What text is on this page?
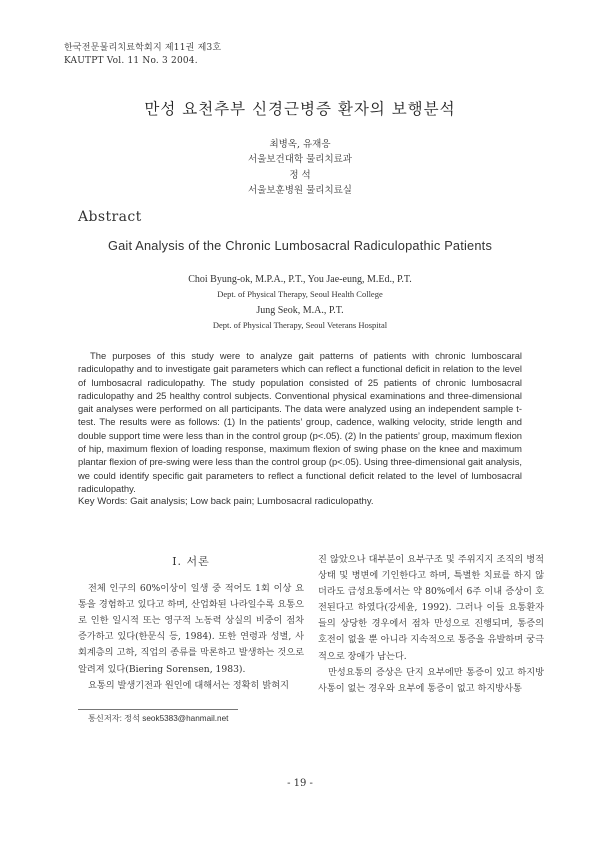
한국전문물리치료학회지 제11권 제3호
KAUTPT Vol. 11 No. 3 2004.
만성 요천추부 신경근병증 환자의 보행분석
최병옥, 유재응
서울보건대학 물리치료과
정 석
서울보훈병원 물리치료실
Abstract
Gait Analysis of the Chronic Lumbosacral Radiculopathic Patients
Choi Byung-ok, M.P.A., P.T., You Jae-eung, M.Ed., P.T.
Dept. of Physical Therapy, Seoul Health College
Jung Seok, M.A., P.T.
Dept. of Physical Therapy, Seoul Veterans Hospital
The purposes of this study were to analyze gait patterns of patients with chronic lumboscaral radiculopathy and to investigate gait parameters which can reflect a functional deficit in relation to the level of lumbosacral radiculopathy. The study population consisted of 25 patients of chronic lumbosacral radiculopathy and 25 healthy control subjects. Conventional physical examinations and three-dimensional gait analyses were performed on all participants. The data were analyzed using an independent sample t-test. The results were as follows: (1) In the patients’ group, cadence, walking velocity, stride length and double support time were less than in the control group (p<.05). (2) In the patients’ group, maximum flexion of hip, maximum flexion of loading response, maximum flexion of swing phase on the knee and maximum plantar flexion of pre-swing were less than the control group (p<.05). Using three-dimensional gait analysis, we could identify specific gait parameters to reflect a functional deficit related to the level of lumbosacral radiculopathy.
Key Words: Gait analysis; Low back pain; Lumbosacral radiculopathy.
Ⅰ. 서론

전체 인구의 60%이상이 일생 중 적어도 1회 이상 요통을 경험하고 있다고 하며, 산업화된 나라일수록 요통으로 인한 일시적 또는 영구적 노동력 상실의 비중이 점차 증가하고 있다(한문식 등, 1984). 또한 연령과 성별, 사회계층의 고하, 직업의 종류를 막론하고 발생하는 것으로 알려져 있다(Biering Sorensen, 1983).

요통의 발생기전과 원인에 대해서는 정확히 밝혀지

진 않았으나 대부분이 요부구조 및 주위지지 조직의 병적상태 및 병변에 기인한다고 하며, 특별한 치료를 하지 않더라도 급성요통에서는 약 80%에서 6주 이내 증상이 호전된다고 하였다(강세윤, 1992). 그러나 이들 요통환자들의 상당한 경우에서 점차 만성으로 진행되며, 통증의 호전이 없을 뿐 아니라 지속적으로 통증을 유발하며 궁극적으로 장애가 남는다.

만성요통의 증상은 단지 요부에만 통증이 있고 하지방사통이 없는 경우와 요부에 통증이 없고 하지방사통

통신저자: 정석 seok5383@hanmail.net
- 19 -
